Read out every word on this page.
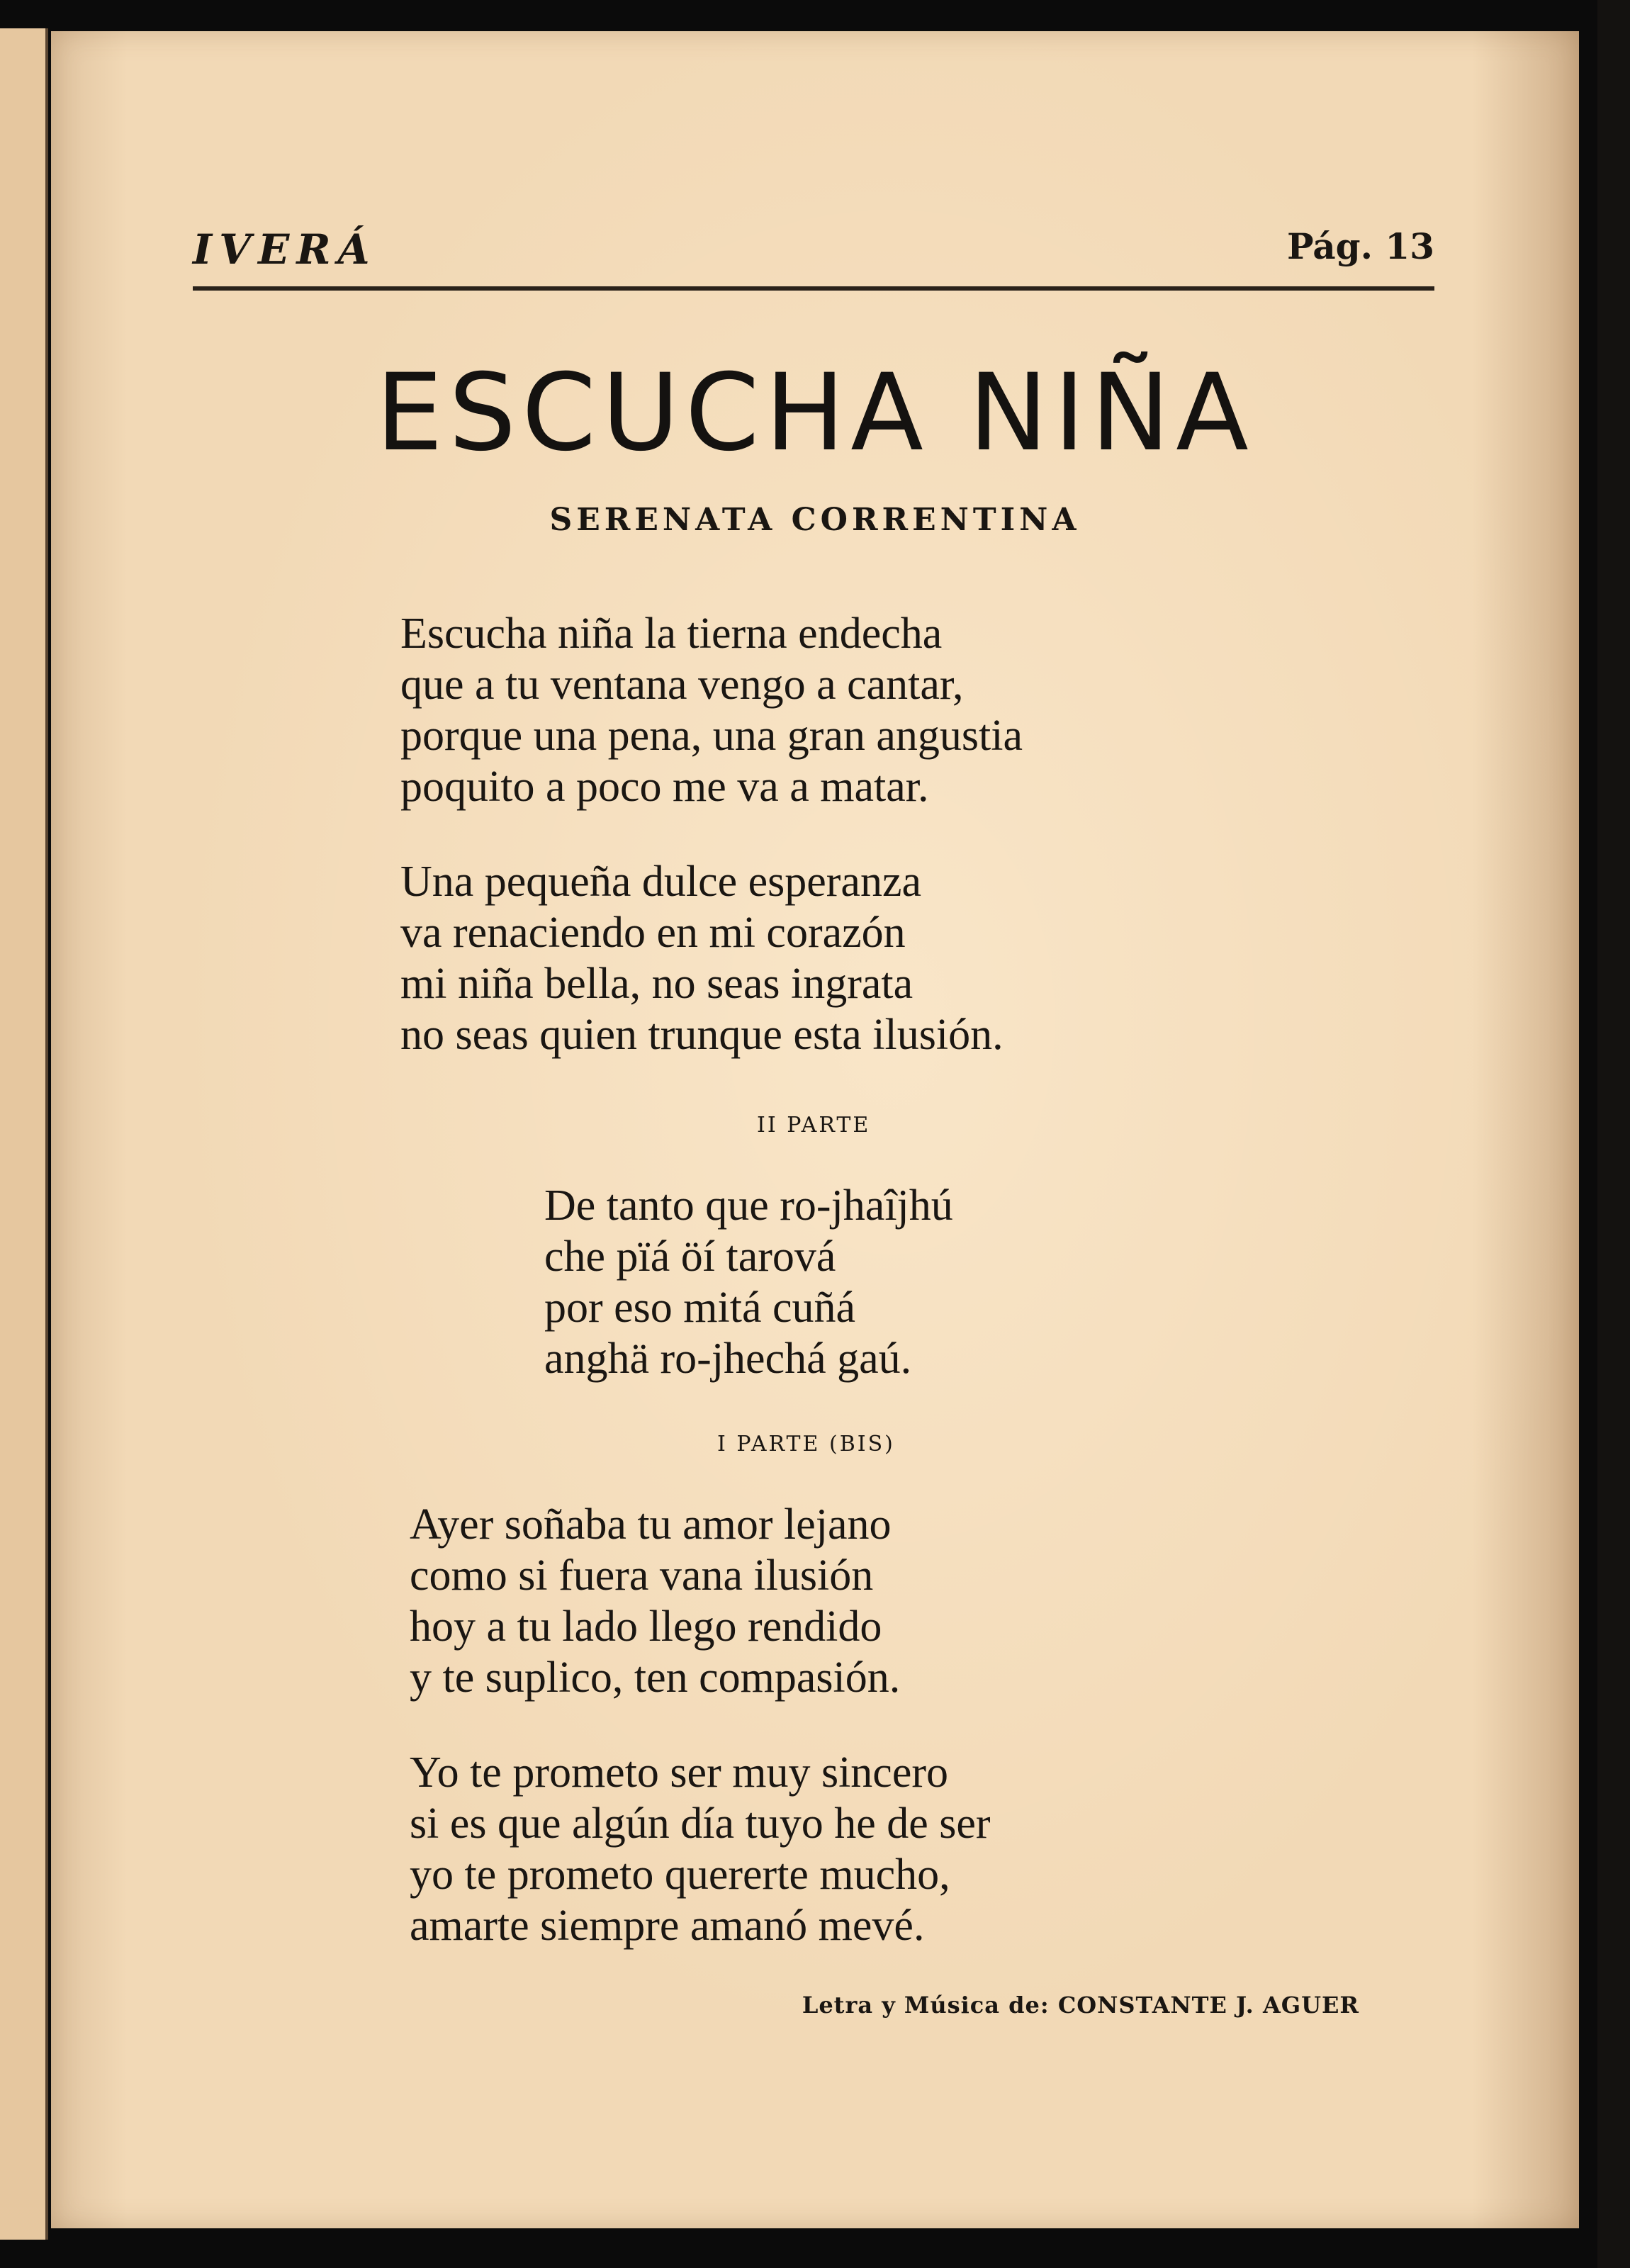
IVERÁ	Pág. 13
ESCUCHA NIÑA
SERENATA CORRENTINA
Escucha niña la tierna endecha
que a tu ventana vengo a cantar,
porque una pena, una gran angustia
poquito a poco me va a matar.
Una pequeña dulce esperanza
va renaciendo en mi corazón
mi niña bella, no seas ingrata
no seas quien trunque esta ilusión.
II PARTE
De tanto que ro-jhaîjhú
che pïá öí tarová
por eso mitá cuñá
anghä ro-jhechá gaú.
I PARTE (BIS)
Ayer soñaba tu amor lejano
como si fuera vana ilusión
hoy a tu lado llego rendido
y te suplico, ten compasión.
Yo te prometo ser muy sincero
si es que algún día tuyo he de ser
yo te prometo quererte mucho,
amarte siempre amanó mevé.
Letra y Música de: CONSTANTE J. AGUER
